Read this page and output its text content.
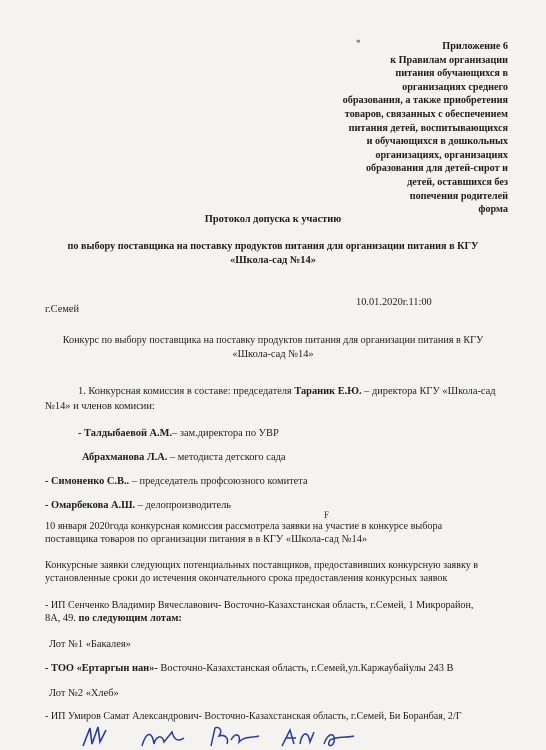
*	Приложение 6
к Правилам организации
питания обучающихся в
организациях среднего
образования, а также приобретения
товаров, связанных с обеспечением
питания детей, воспитывающихся
и обучающихся в дошкольных
организациях, организациях
образования для детей-сирот и
детей, оставшихся без
попечения родителей
форма
Протокол допуска к участию
по выбору поставщика на поставку продуктов питания для организации питания в КГУ
«Школа-сад №14»
г.Семей
10.01.2020г.11:00
Конкурс по выбору поставщика на поставку продуктов питания для организации питания в КГУ
«Школа-сад №14»
1. Конкурсная комиссия в составе: председателя Тараник Е.Ю. – директора КГУ «Школа-сад
№14» и членов комисии:
- Талдыбаевой А.М.– зам.директора по УВР
Абрахманова Л.А. – методиста детского сада
- Симоненко С.В.. – председатель профсоюзного комитета
- Омарбекова А.Ш. – делопроизводитель
F
10 января 2020года конкурсная комиссия рассмотрела заявки на участие в конкурсе выбора
поставщика товаров по организации питания в в КГУ «Школа-сад №14»
Конкурсные заявки следующих потенциальных поставщиков, предоставивших конкурсную заявку в
установленные сроки до истечения окончательного срока предоставления конкурсных заявок
- ИП Сенченко Владимир Вячеславович- Восточно-Казахстанская область, г.Семей, 1 Микрорайон,
8А, 49. по следующим лотам:
Лот №1 «Бакалея»
- ТОО «Ертаргын нан»- Восточно-Казахстанская область, г.Семей,ул.Каржаубайулы 243 В
Лот №2 «Хлеб»
- ИП Умиров Самат Александрович- Восточно-Казахстанская область, г.Семей, Би Боранбая, 2/Г
